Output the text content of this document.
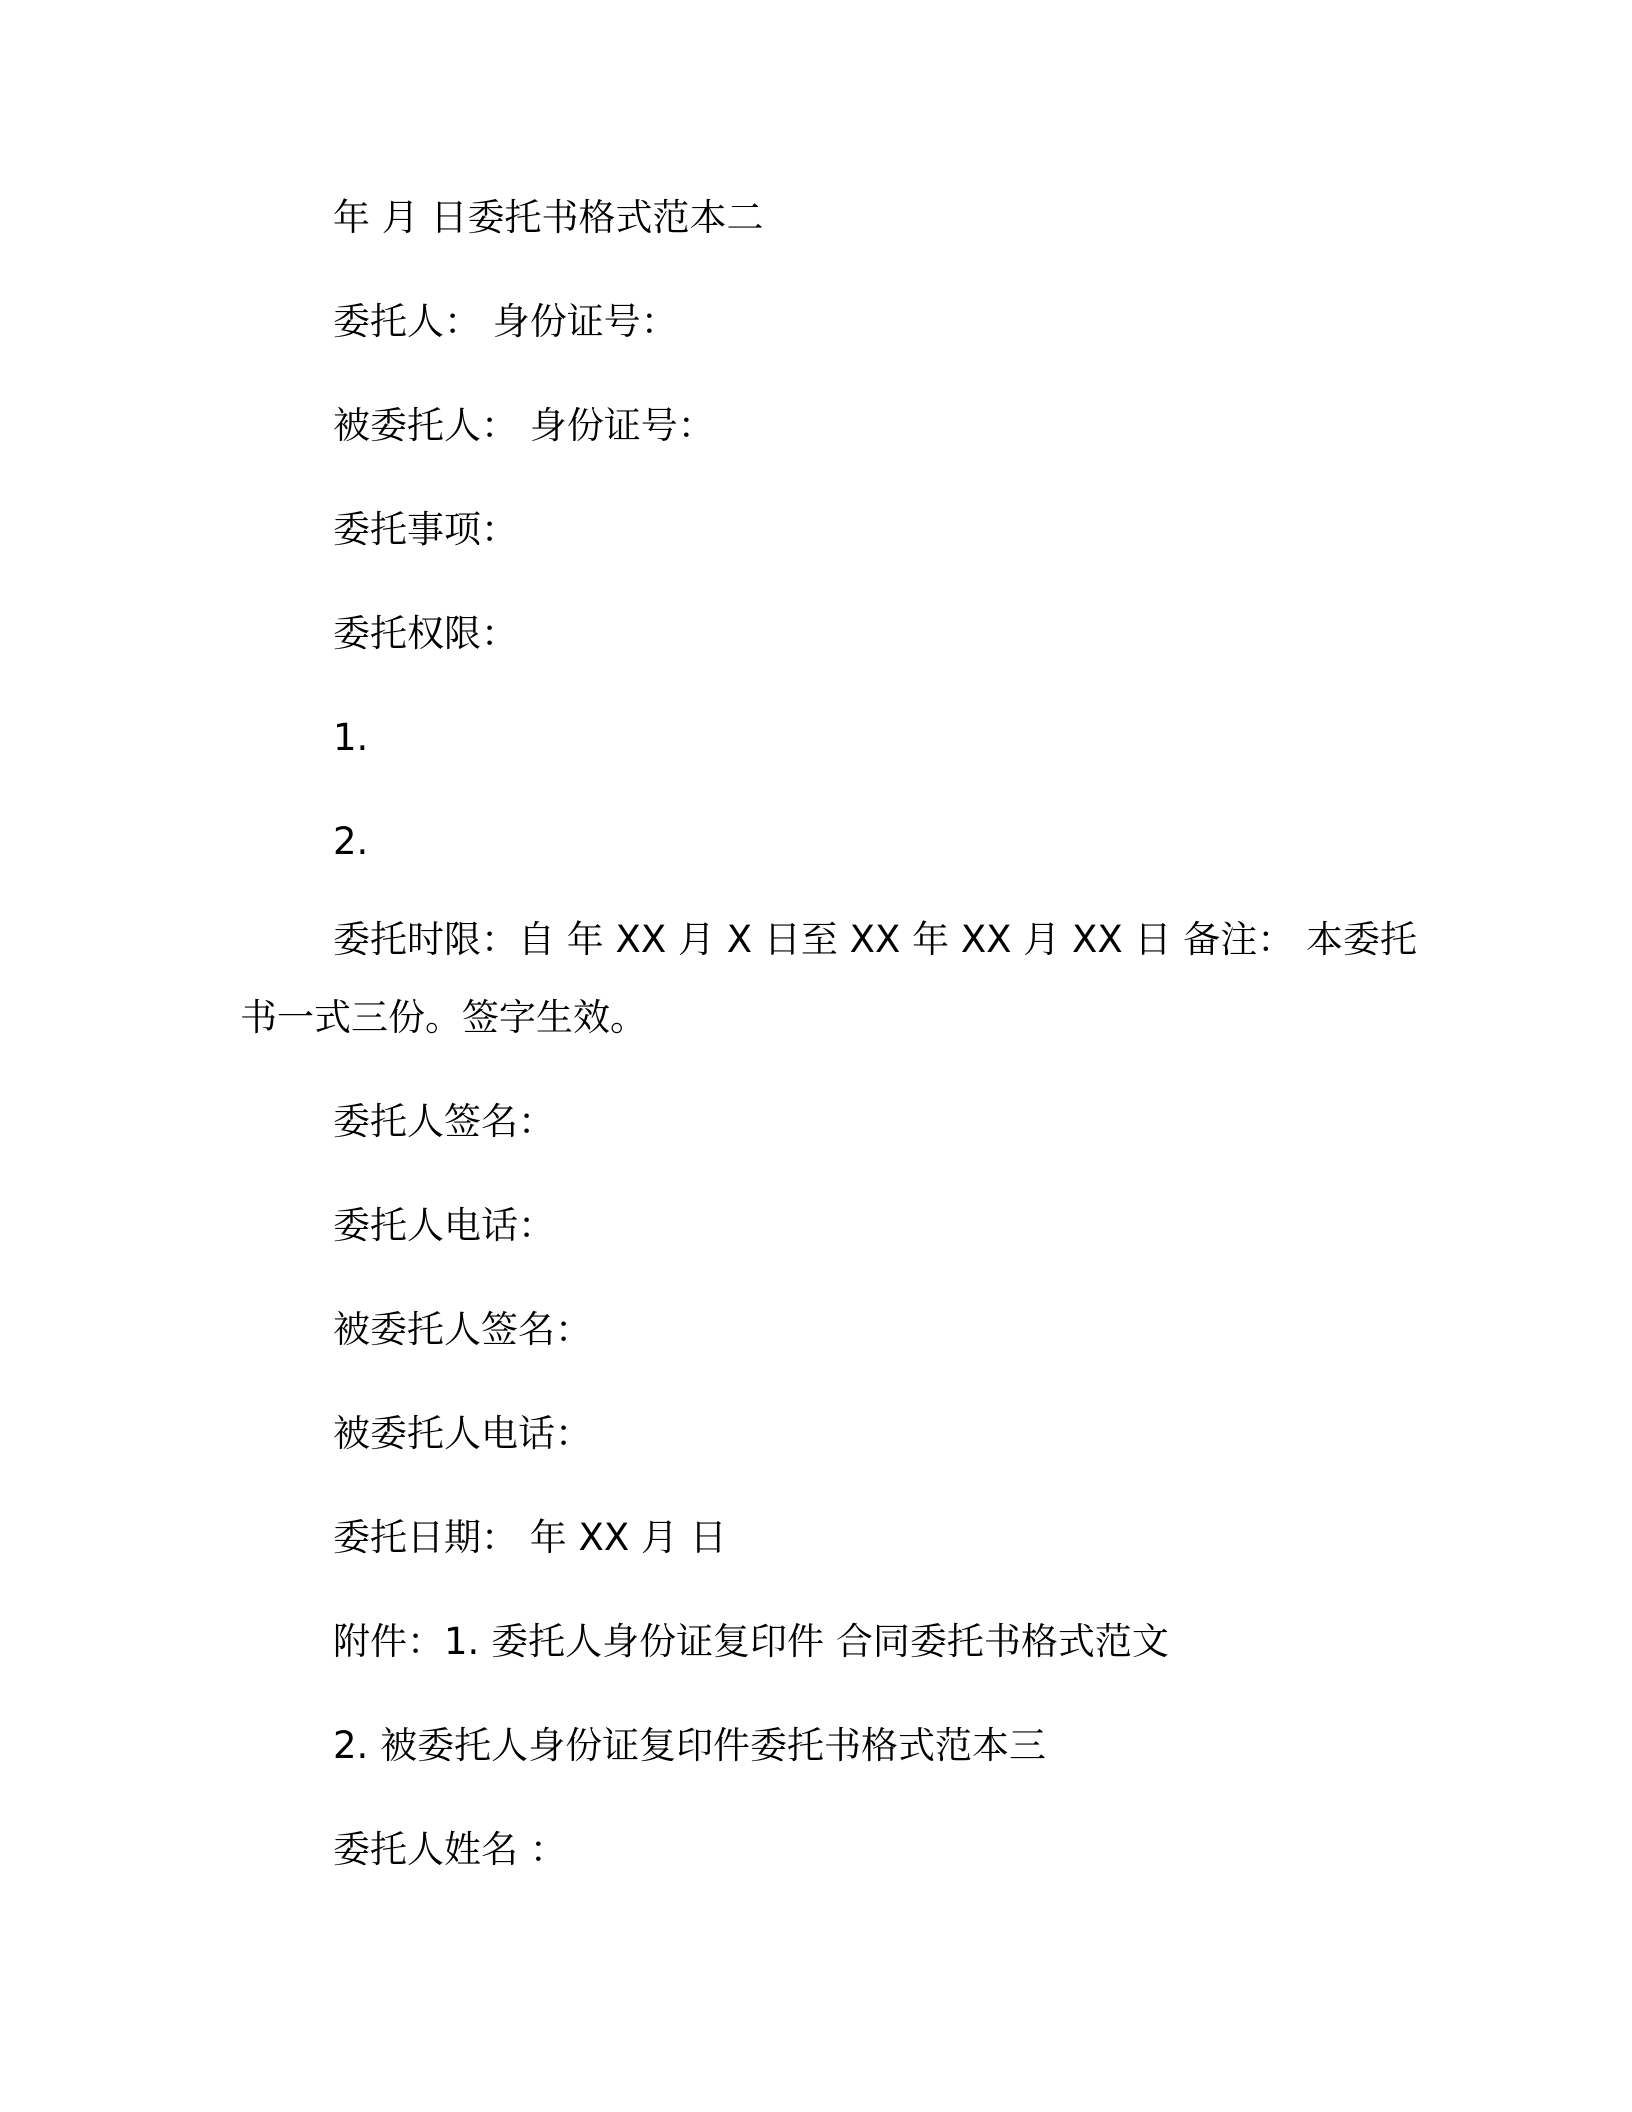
年 月 日委托书格式范本二
委托人： 身份证号：
被委托人： 身份证号：
委托事项：
委托权限：
1.
2.
委托时限：自 年 XX 月 X 日至 XX 年 XX 月 XX 日 备注： 本委托
书一式三份。签字生效。
委托人签名：
委托人电话：
被委托人签名：
被委托人电话：
委托日期： 年 XX 月 日
附件：1. 委托人身份证复印件 合同委托书格式范文
2. 被委托人身份证复印件委托书格式范本三
委托人姓名 ：
